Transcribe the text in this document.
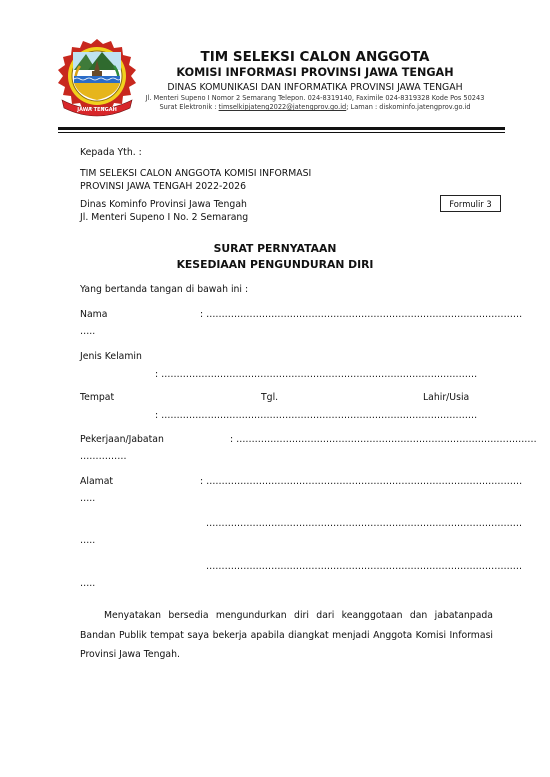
JAWA TENGAH
TIM SELEKSI CALON ANGGOTA
KOMISI INFORMASI PROVINSI JAWA TENGAH
DINAS KOMUNIKASI DAN INFORMATIKA PROVINSI JAWA TENGAH
Jl. Menteri Supeno I Nomor 2 Semarang Telepon. 024-8319140, Faximile 024-8319328 Kode Pos 50243
Surat Elektronik : timselkipjateng2022@jatengprov.go.id; Laman : diskominfo.jatengprov.go.id
Kepada Yth. :
TIM SELEKSI CALON ANGGOTA KOMISI INFORMASI
PROVINSI JAWA TENGAH 2022-2026
Dinas Kominfo Provinsi Jawa Tengah
Jl. Menteri Supeno I No. 2 Semarang
Formulir 3
SURAT PERNYATAAN
KESEDIAAN PENGUNDURAN DIRI
Yang bertanda tangan di bawah ini :
Nama	: …………………………………………………………………………………………
…..
Jenis Kelamin
: …………………………………………………………………………………………
Tempat	Tgl.	Lahir/Usia
: …………………………………………………………………………………………
Pekerjaan/Jabatan	: …………………………………………………………………………………….
……………
Alamat	: …………………………………………………………………………………………
…..
…………………………………………………………………………………………
…..
…………………………………………………………………………………………
…..
Menyatakan bersedia mengundurkan diri dari keanggotaan dan jabatanpada Bandan Publik tempat saya bekerja apabila diangkat menjadi Anggota Komisi Informasi Provinsi Jawa Tengah.
